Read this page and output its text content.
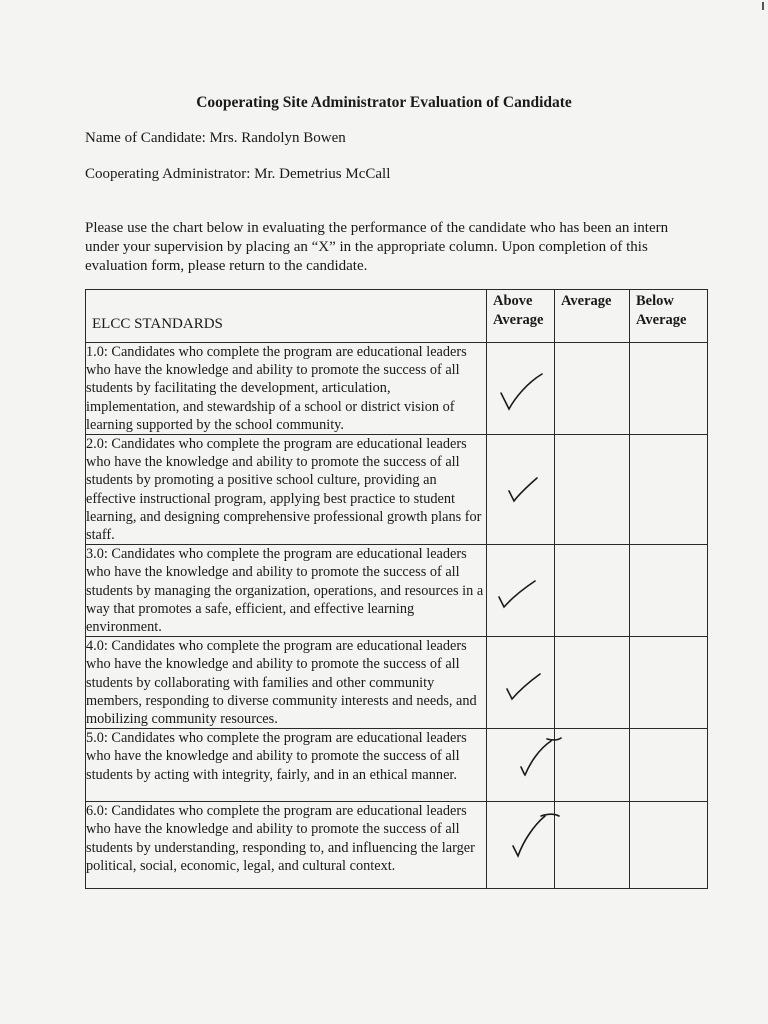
Cooperating Site Administrator Evaluation of Candidate
Name of Candidate: Mrs. Randolyn Bowen
Cooperating Administrator: Mr. Demetrius McCall
Please use the chart below in evaluating the performance of the candidate who has been an intern under your supervision by placing an “X” in the appropriate column. Upon completion of this evaluation form, please return to the candidate.
ELCC STANDARDS	Above Average	Average	Below Average

1.0: Candidates who complete the program are educational leaders who have the knowledge and ability to promote the success of all students by facilitating the development, articulation, implementation, and stewardship of a school or district vision of learning supported by the school community.	

2.0: Candidates who complete the program are educational leaders who have the knowledge and ability to promote the success of all students by promoting a positive school culture, providing an effective instructional program, applying best practice to student learning, and designing comprehensive professional growth plans for staff.	

3.0: Candidates who complete the program are educational leaders who have the knowledge and ability to promote the success of all students by managing the organization, operations, and resources in a way that promotes a safe, efficient, and effective learning environment.	

4.0: Candidates who complete the program are educational leaders who have the knowledge and ability to promote the success of all students by collaborating with families and other community members, responding to diverse community interests and needs, and mobilizing community resources.	

5.0: Candidates who complete the program are educational leaders who have the knowledge and ability to promote the success of all students by acting with integrity, fairly, and in an ethical manner.	

6.0: Candidates who complete the program are educational leaders who have the knowledge and ability to promote the success of all students by understanding, responding to, and influencing the larger political, social, economic, legal, and cultural context.	
